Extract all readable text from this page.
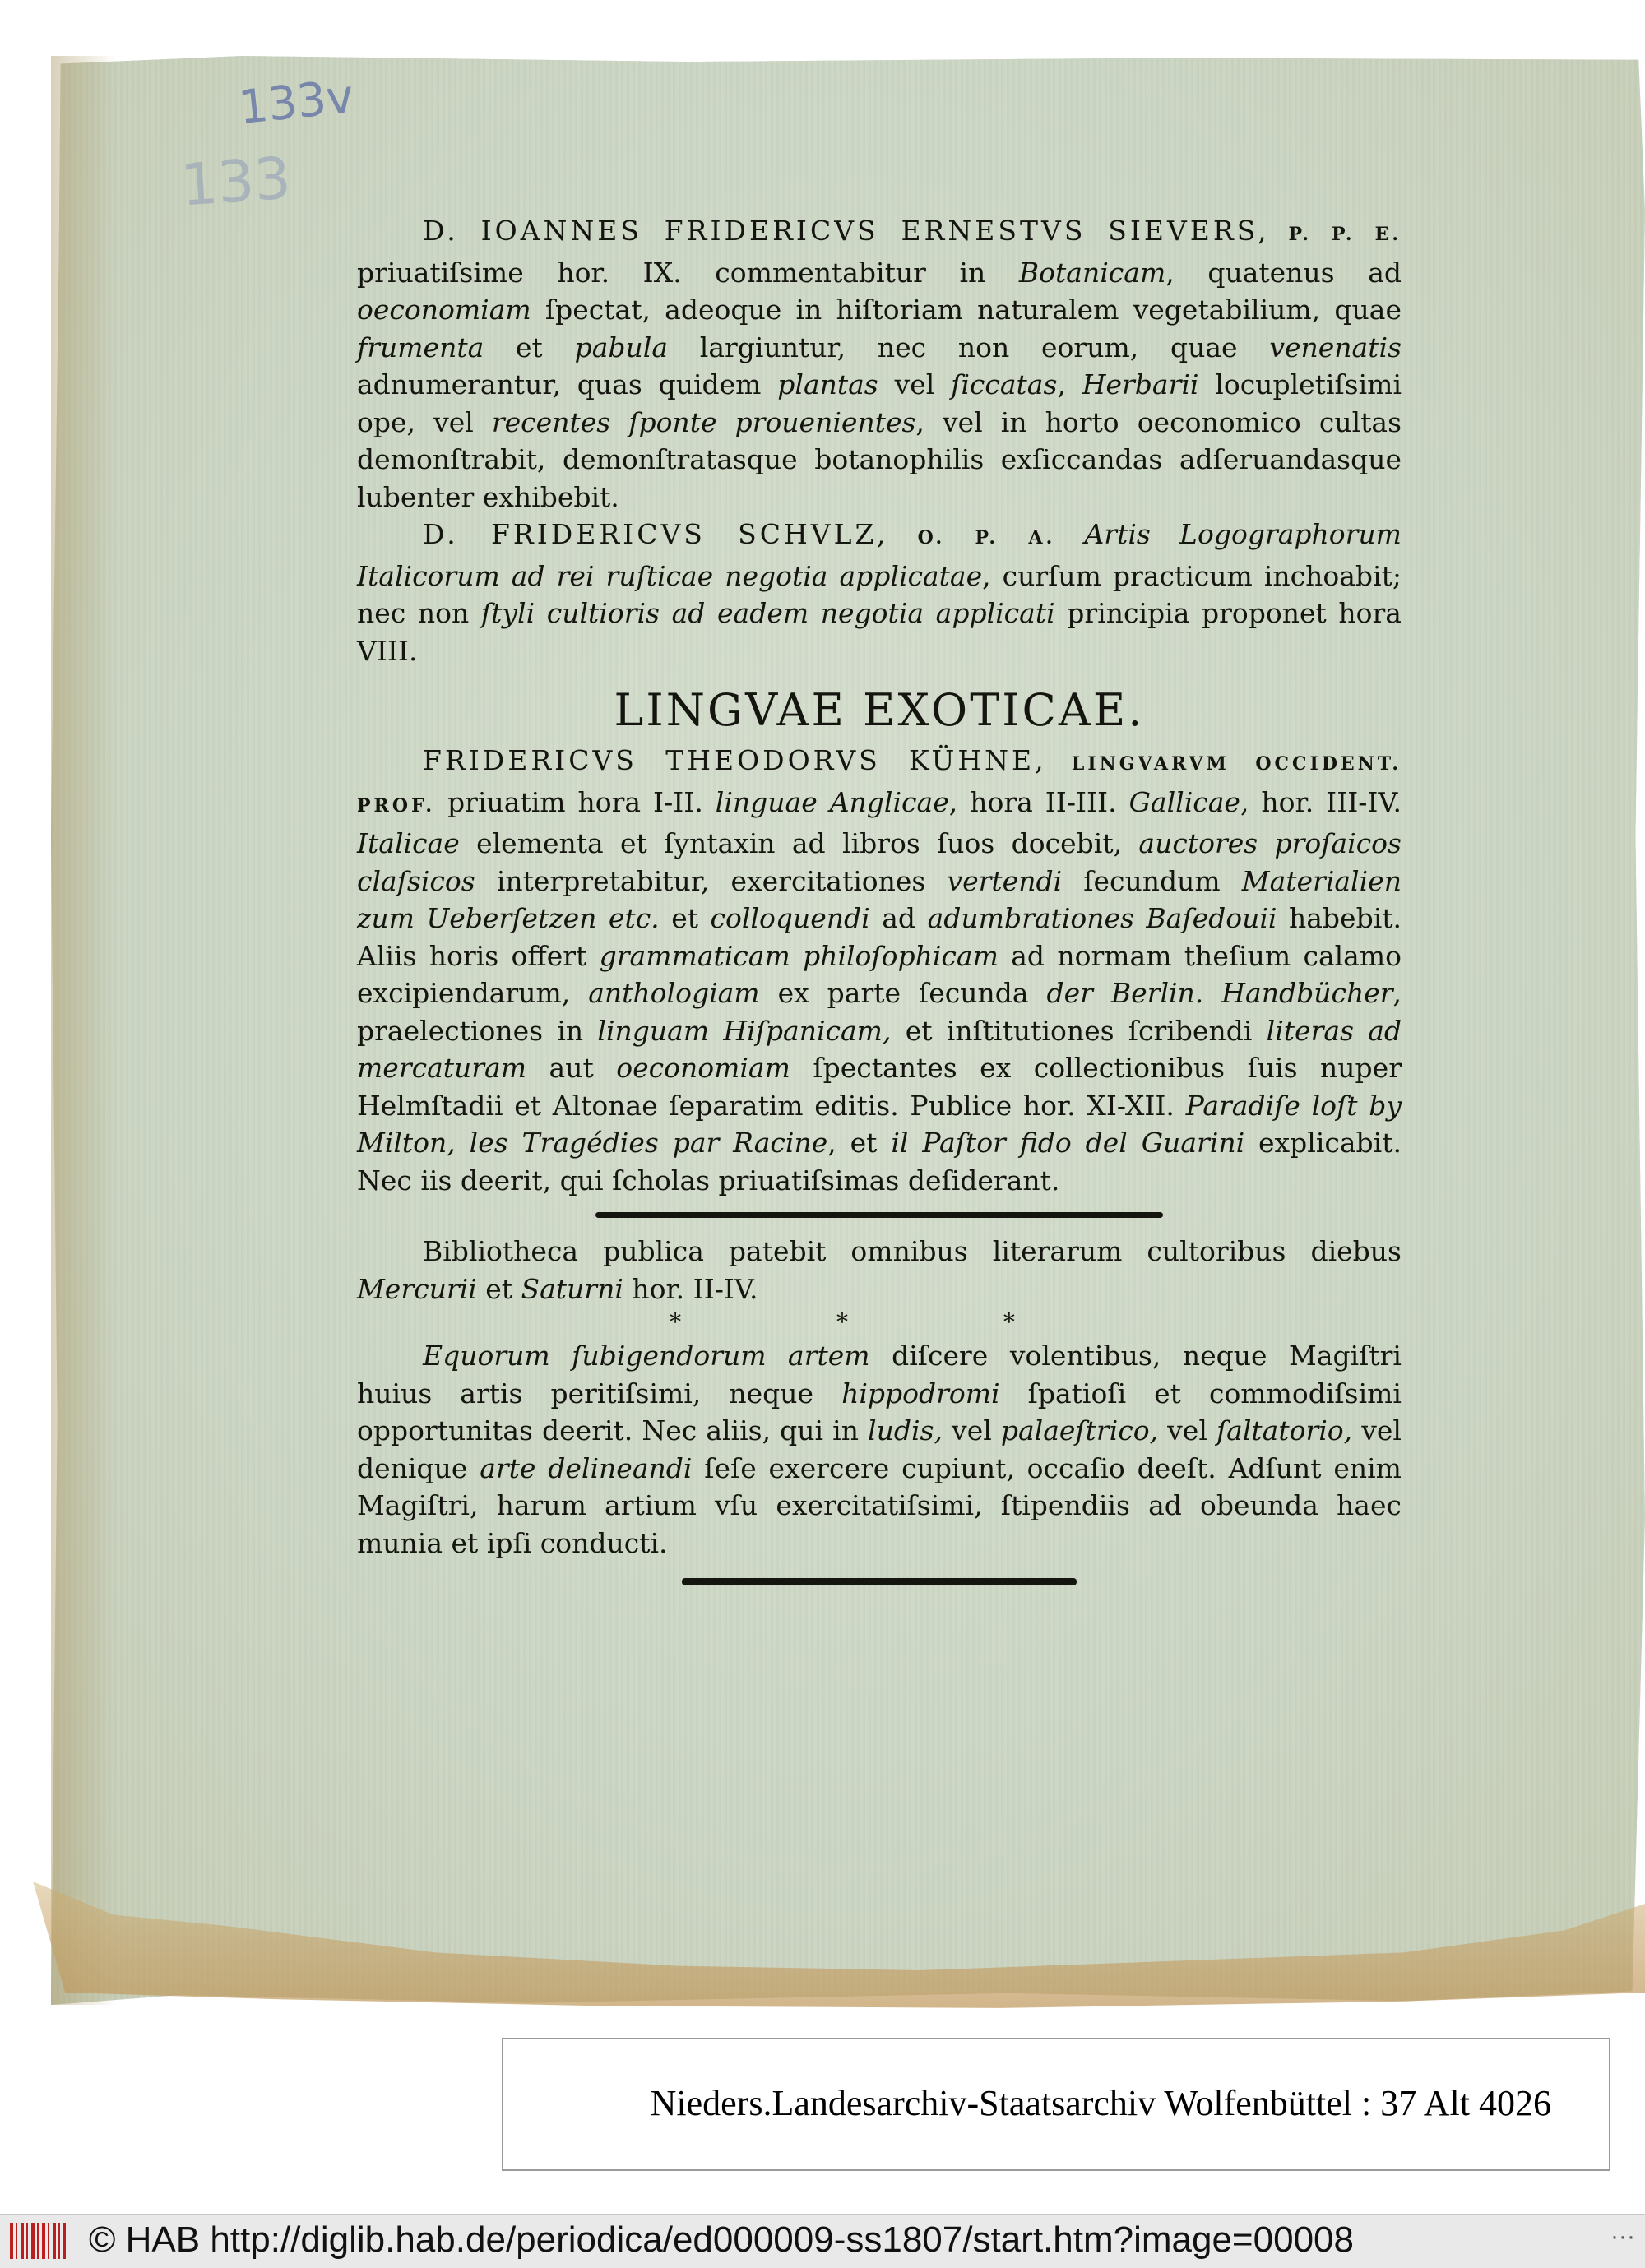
133v
133

D. IOANNES FRIDERICVS ERNESTVS SIEVERS, P. P. E. priuatiſsime hor. IX. commentabitur in Botanicam, quatenus ad oeconomiam ſpectat, adeoque in hiſtoriam naturalem vegetabilium, quae frumenta et pabula largiuntur, nec non eorum, quae venenatis adnumerantur, quas quidem plantas vel ſiccatas, Herbarii locupletiſsimi ope, vel recentes ſponte prouenientes, vel in horto oeconomico cultas demonſtrabit, demonſtratasque botanophilis exſiccandas adſeruandasque lubenter exhibebit.

D. FRIDERICVS SCHVLZ, O. P. A. Artis Logographorum Italicorum ad rei ruſticae negotia applicatae, curſum practicum inchoabit; nec non ſtyli cultioris ad eadem negotia applicati principia proponet hora VIII.

LINGVAE EXOTICAE.

FRIDERICVS THEODORVS KÜHNE, LINGVARVM OCCIDENT. PROF. priuatim hora I-II. linguae Anglicae, hora II-III. Gallicae, hor. III-IV. Italicae elementa et ſyntaxin ad libros ſuos docebit, auctores proſaicos claſsicos interpretabitur, exercitationes vertendi ſecundum Materialien zum Ueberſetzen etc. et colloquendi ad adumbrationes Baſedouii habebit. Aliis horis offert grammaticam philoſophicam ad normam theſium calamo excipiendarum, anthologiam ex parte ſecunda der Berlin. Handbücher, praelectiones in linguam Hiſpanicam, et inſtitutiones ſcribendi literas ad mercaturam aut oeconomiam ſpectantes ex collectionibus ſuis nuper Helmſtadii et Altonae ſeparatim editis. Publice hor. XI-XII. Paradiſe loſt by Milton, les Tragédies par Racine, et il Paſtor fido del Guarini explicabit. Nec iis deerit, qui ſcholas priuatiſsimas deſiderant.

Bibliotheca publica patebit omnibus literarum cultoribus diebus Mercurii et Saturni hor. II-IV.

* * *

Equorum ſubigendorum artem diſcere volentibus, neque Magiſtri huius artis peritiſsimi, neque hippodromi ſpatioſi et commodiſsimi opportunitas deerit. Nec aliis, qui in ludis, vel palaeſtrico, vel ſaltatorio, vel denique arte delineandi ſeſe exercere cupiunt, occaſio deeſt. Adſunt enim Magiſtri, harum artium vſu exercitatiſsimi, ſtipendiis ad obeunda haec munia et ipſi conducti.

Nieders.Landesarchiv-Staatsarchiv Wolfenbüttel : 37 Alt 4026
© HAB http://diglib.hab.de/periodica/ed000009-ss1807/start.htm?image=00008	···
